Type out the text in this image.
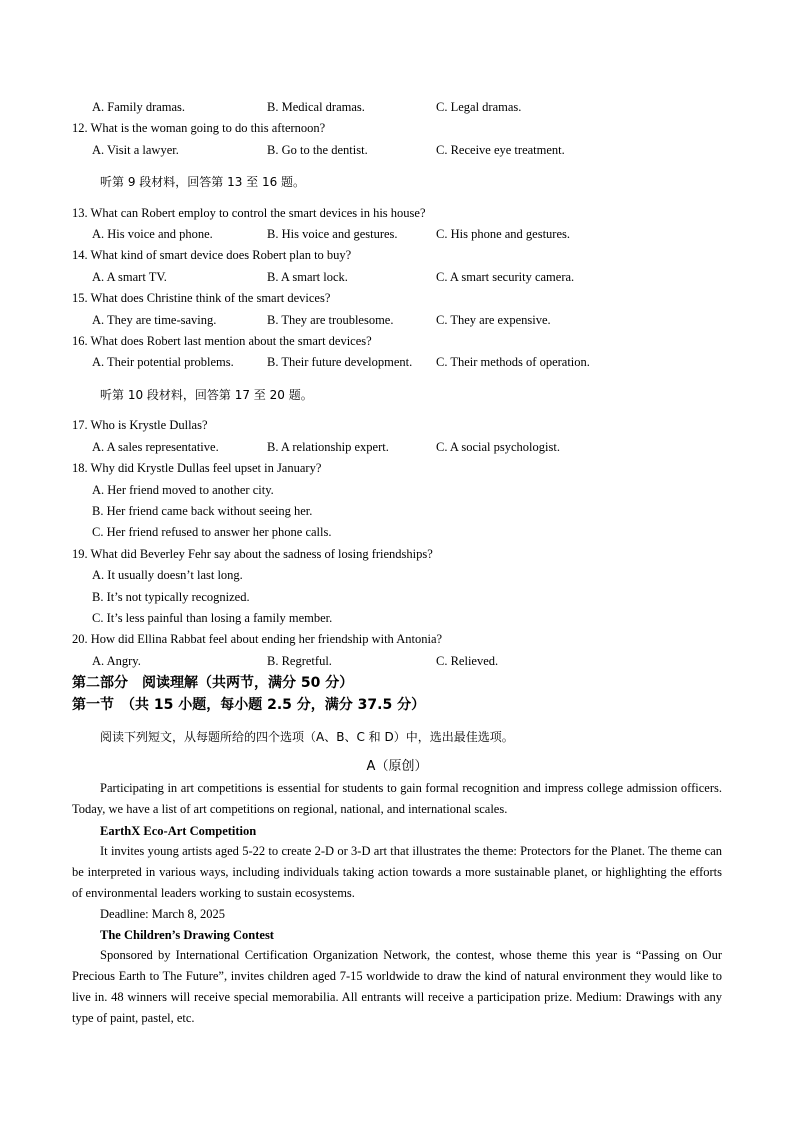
A. Family dramas.	B. Medical dramas.	C. Legal dramas.
12. What is the woman going to do this afternoon?
A. Visit a lawyer.	B. Go to the dentist.	C. Receive eye treatment.
听第 9 段材料，回答第 13 至 16 题。
13. What can Robert employ to control the smart devices in his house?
A. His voice and phone.	B. His voice and gestures.	C. His phone and gestures.
14. What kind of smart device does Robert plan to buy?
A. A smart TV.	B. A smart lock.	C. A smart security camera.
15. What does Christine think of the smart devices?
A. They are time-saving.	B. They are troublesome.	C. They are expensive.
16. What does Robert last mention about the smart devices?
A. Their potential problems.	B. Their future development. C. Their methods of operation.
听第 10 段材料，回答第 17 至 20 题。
17. Who is Krystle Dullas?
A. A sales representative.	B. A relationship expert.	C. A social psychologist.
18. Why did Krystle Dullas feel upset in January?
A. Her friend moved to another city.
B. Her friend came back without seeing her.
C. Her friend refused to answer her phone calls.
19. What did Beverley Fehr say about the sadness of losing friendships?
A. It usually doesn’t last long.
B. It’s not typically recognized.
C. It’s less painful than losing a family member.
20. How did Ellina Rabbat feel about ending her friendship with Antonia?
A. Angry.	B. Regretful.	C. Relieved.
第二部分　阅读理解（共两节，满分 50 分）
第一节　（共 15 小题，每小题 2.5 分，满分 37.5 分）
阅读下列短文，从每题所给的四个选项（A、B、C 和 D）中，选出最佳选项。
A（原创）
Participating in art competitions is essential for students to gain formal recognition and impress college admission officers. Today, we have a list of art competitions on regional, national, and international scales.
EarthX Eco-Art Competition
It invites young artists aged 5-22 to create 2-D or 3-D art that illustrates the theme: Protectors for the Planet. The theme can be interpreted in various ways, including individuals taking action towards a more sustainable planet, or highlighting the efforts of environmental leaders working to sustain ecosystems.
Deadline: March 8, 2025
The Children’s Drawing Contest
Sponsored by International Certification Organization Network, the contest, whose theme this year is “Passing on Our Precious Earth to The Future”, invites children aged 7-15 worldwide to draw the kind of natural environment they would like to live in. 48 winners will receive special memorabilia. All entrants will receive a participation prize. Medium: Drawings with any type of paint, pastel, etc.
